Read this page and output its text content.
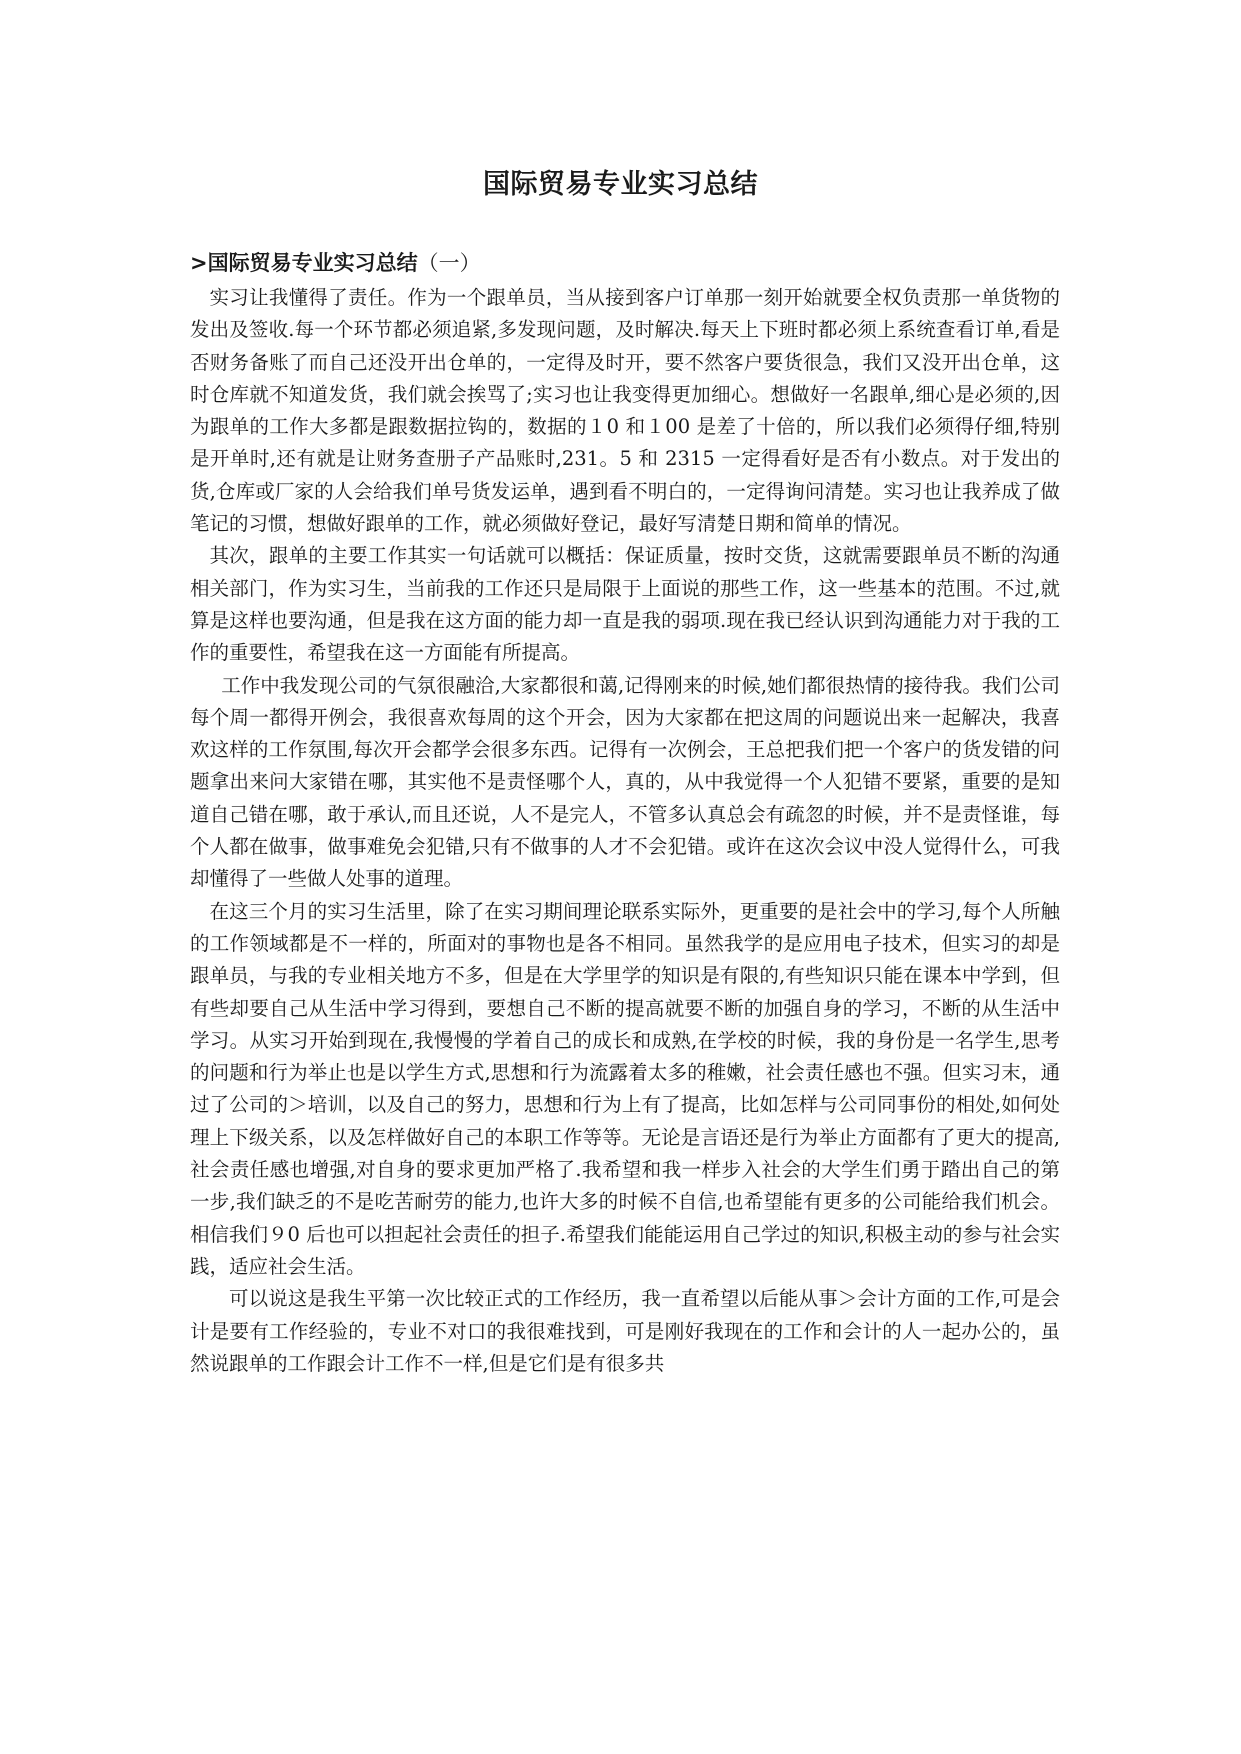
国际贸易专业实习总结
>国际贸易专业实习总结（一）

实习让我懂得了责任。作为一个跟单员，当从接到客户订单那一刻开始就要全权负责那一单货物的发出及签收.每一个环节都必须追紧,多发现问题，及时解决.每天上下班时都必须上系统查看订单,看是否财务备账了而自己还没开出仓单的，一定得及时开，要不然客户要货很急，我们又没开出仓单，这时仓库就不知道发货，我们就会挨骂了;实习也让我变得更加细心。想做好一名跟单,细心是必须的,因为跟单的工作大多都是跟数据拉钩的，数据的１0 和１00 是差了十倍的，所以我们必须得仔细,特别是开单时,还有就是让财务查册子产品账时,231。5 和 2315 一定得看好是否有小数点。对于发出的货,仓库或厂家的人会给我们单号货发运单，遇到看不明白的，一定得询问清楚。实习也让我养成了做笔记的习惯，想做好跟单的工作，就必须做好登记，最好写清楚日期和简单的情况。

其次，跟单的主要工作其实一句话就可以概括：保证质量，按时交货，这就需要跟单员不断的沟通相关部门，作为实习生，当前我的工作还只是局限于上面说的那些工作，这一些基本的范围。不过,就算是这样也要沟通，但是我在这方面的能力却一直是我的弱项.现在我已经认识到沟通能力对于我的工作的重要性，希望我在这一方面能有所提高。

工作中我发现公司的气氛很融洽,大家都很和蔼,记得刚来的时候,她们都很热情的接待我。我们公司每个周一都得开例会，我很喜欢每周的这个开会，因为大家都在把这周的问题说出来一起解决，我喜欢这样的工作氛围,每次开会都学会很多东西。记得有一次例会，王总把我们把一个客户的货发错的问题拿出来问大家错在哪，其实他不是责怪哪个人，真的，从中我觉得一个人犯错不要紧，重要的是知道自己错在哪，敢于承认,而且还说，人不是完人，不管多认真总会有疏忽的时候，并不是责怪谁，每个人都在做事，做事难免会犯错,只有不做事的人才不会犯错。或许在这次会议中没人觉得什么，可我却懂得了一些做人处事的道理。

在这三个月的实习生活里，除了在实习期间理论联系实际外，更重要的是社会中的学习,每个人所触的工作领域都是不一样的，所面对的事物也是各不相同。虽然我学的是应用电子技术，但实习的却是跟单员，与我的专业相关地方不多，但是在大学里学的知识是有限的,有些知识只能在课本中学到，但有些却要自己从生活中学习得到，要想自己不断的提高就要不断的加强自身的学习，不断的从生活中学习。从实习开始到现在,我慢慢的学着自己的成长和成熟,在学校的时候，我的身份是一名学生,思考的问题和行为举止也是以学生方式,思想和行为流露着太多的稚嫩，社会责任感也不强。但实习末，通过了公司的＞培训，以及自己的努力，思想和行为上有了提高，比如怎样与公司同事份的相处,如何处理上下级关系，以及怎样做好自己的本职工作等等。无论是言语还是行为举止方面都有了更大的提高,社会责任感也增强,对自身的要求更加严格了.我希望和我一样步入社会的大学生们勇于踏出自己的第一步,我们缺乏的不是吃苦耐劳的能力,也许大多的时候不自信,也希望能有更多的公司能给我们机会。相信我们９0 后也可以担起社会责任的担子.希望我们能能运用自己学过的知识,积极主动的参与社会实践，适应社会生活。

可以说这是我生平第一次比较正式的工作经历，我一直希望以后能从事＞会计方面的工作,可是会计是要有工作经验的，专业不对口的我很难找到，可是刚好我现在的工作和会计的人一起办公的，虽然说跟单的工作跟会计工作不一样,但是它们是有很多共
